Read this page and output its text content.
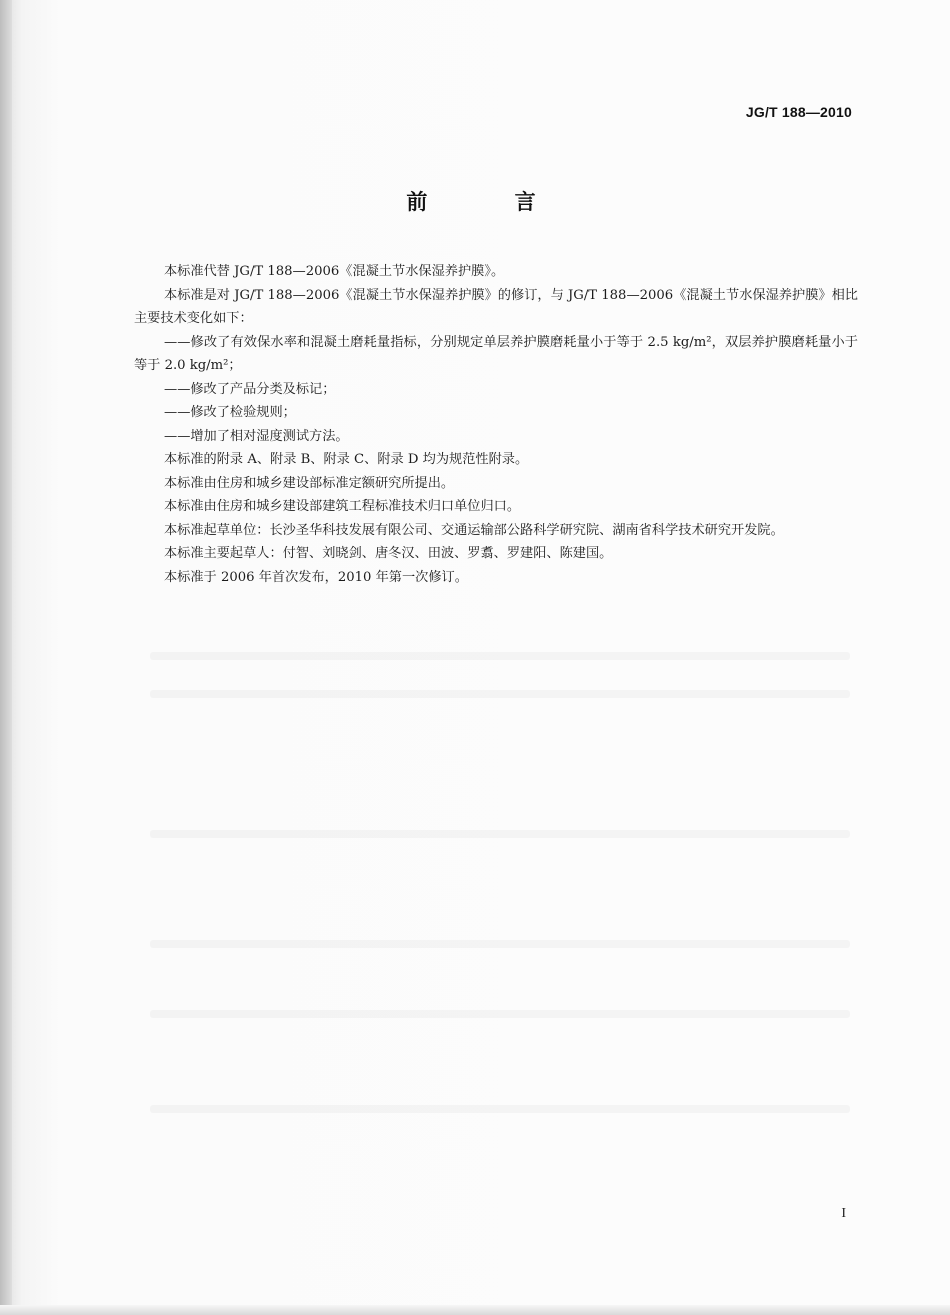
JG/T 188—2010
前 言

本标准代替 JG/T 188—2006《混凝土节水保湿养护膜》。

本标准是对 JG/T 188—2006《混凝土节水保湿养护膜》的修订，与 JG/T 188—2006《混凝土节水保湿养护膜》相比主要技术变化如下：

——修改了有效保水率和混凝土磨耗量指标，分别规定单层养护膜磨耗量小于等于 2.5 kg/m²，双层养护膜磨耗量小于等于 2.0 kg/m²；

——修改了产品分类及标记；

——修改了检验规则；

——增加了相对湿度测试方法。

本标准的附录 A、附录 B、附录 C、附录 D 均为规范性附录。

本标准由住房和城乡建设部标准定额研究所提出。

本标准由住房和城乡建设部建筑工程标准技术归口单位归口。

本标准起草单位：长沙圣华科技发展有限公司、交通运输部公路科学研究院、湖南省科学技术研究开发院。

本标准主要起草人：付智、刘晓剑、唐冬汉、田波、罗翥、罗建阳、陈建国。

本标准于 2006 年首次发布，2010 年第一次修订。

I
